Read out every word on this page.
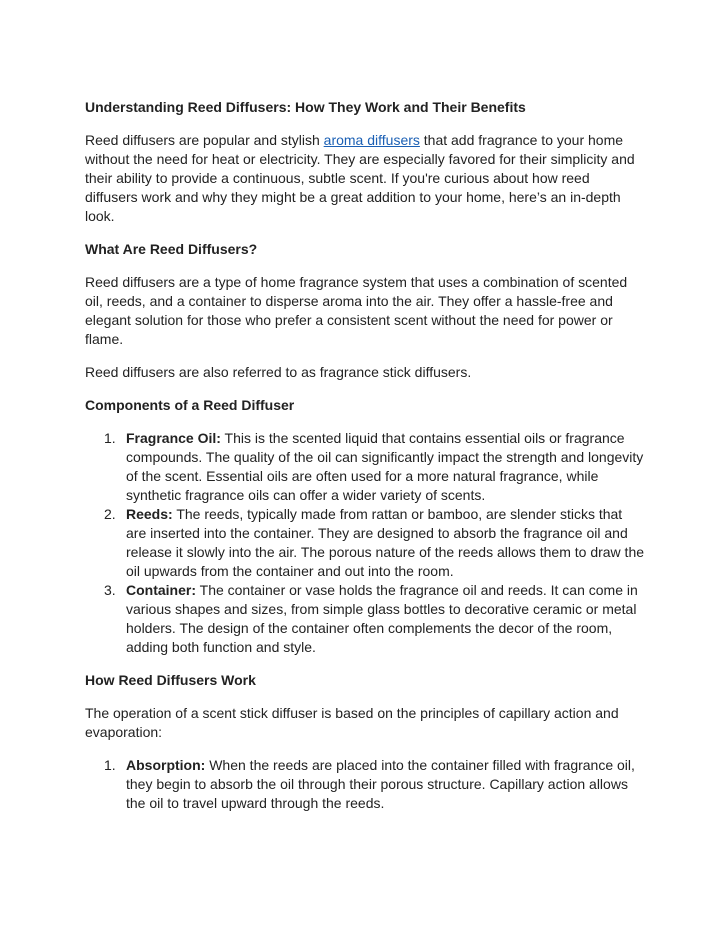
Understanding Reed Diffusers: How They Work and Their Benefits

Reed diffusers are popular and stylish aroma diffusers that add fragrance to your home without the need for heat or electricity. They are especially favored for their simplicity and their ability to provide a continuous, subtle scent. If you're curious about how reed diffusers work and why they might be a great addition to your home, here’s an in-depth look.

What Are Reed Diffusers?

Reed diffusers are a type of home fragrance system that uses a combination of scented oil, reeds, and a container to disperse aroma into the air. They offer a hassle-free and elegant solution for those who prefer a consistent scent without the need for power or flame.

Reed diffusers are also referred to as fragrance stick diffusers.

Components of a Reed Diffuser

1. Fragrance Oil: This is the scented liquid that contains essential oils or fragrance compounds. The quality of the oil can significantly impact the strength and longevity of the scent. Essential oils are often used for a more natural fragrance, while synthetic fragrance oils can offer a wider variety of scents.
2. Reeds: The reeds, typically made from rattan or bamboo, are slender sticks that are inserted into the container. They are designed to absorb the fragrance oil and release it slowly into the air. The porous nature of the reeds allows them to draw the oil upwards from the container and out into the room.
3. Container: The container or vase holds the fragrance oil and reeds. It can come in various shapes and sizes, from simple glass bottles to decorative ceramic or metal holders. The design of the container often complements the decor of the room, adding both function and style.

How Reed Diffusers Work

The operation of a scent stick diffuser is based on the principles of capillary action and evaporation:

1. Absorption: When the reeds are placed into the container filled with fragrance oil, they begin to absorb the oil through their porous structure. Capillary action allows the oil to travel upward through the reeds.
